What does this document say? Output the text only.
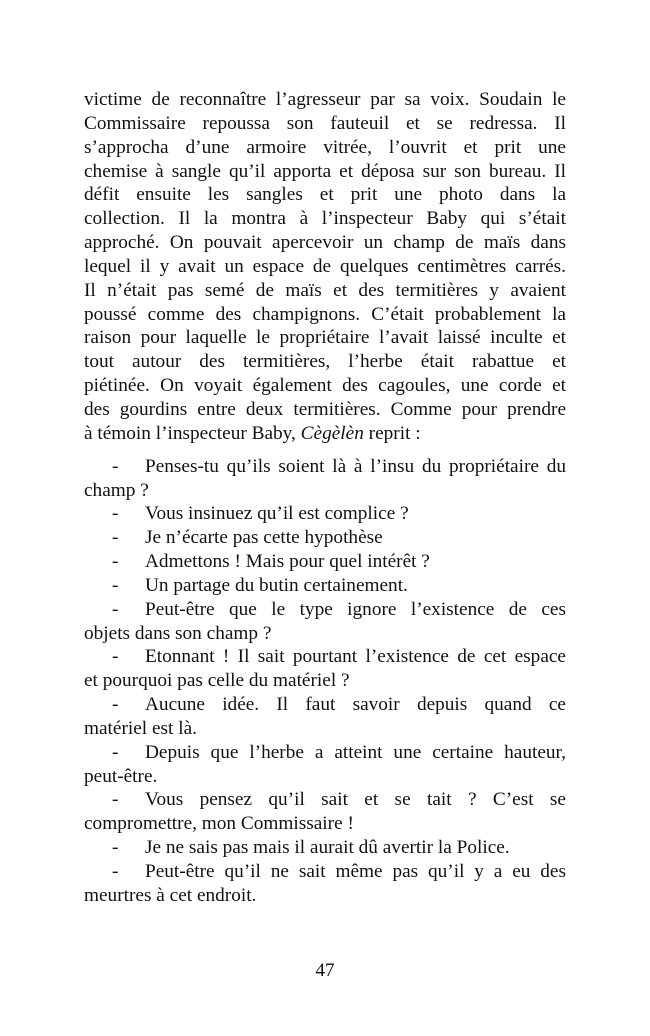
victime de reconnaître l’agresseur par sa voix. Soudain le
Commissaire repoussa son fauteuil et se redressa. Il
s’approcha d’une armoire vitrée, l’ouvrit et prit une
chemise à sangle qu’il apporta et déposa sur son bureau. Il
défit ensuite les sangles et prit une photo dans la
collection. Il la montra à l’inspecteur Baby qui s’était
approché. On pouvait apercevoir un champ de maïs dans
lequel il y avait un espace de quelques centimètres carrés.
Il n’était pas semé de maïs et des termitières y avaient
poussé comme des champignons. C’était probablement la
raison pour laquelle le propriétaire l’avait laissé inculte et
tout autour des termitières, l’herbe était rabattue et
piétinée. On voyait également des cagoules, une corde et
des gourdins entre deux termitières. Comme pour prendre
à témoin l’inspecteur Baby, Cègèlèn reprit :
-	Penses-tu qu’ils soient là à l’insu du propriétaire du
champ ?
- Vous insinuez qu’il est complice ?
- Je n’écarte pas cette hypothèse
- Admettons ! Mais pour quel intérêt ?
- Un partage du butin certainement.
-	Peut-être que le type ignore l’existence de ces
objets dans son champ ?
-	Etonnant ! Il sait pourtant l’existence de cet espace
et pourquoi pas celle du matériel ?
-	Aucune idée. Il faut savoir depuis quand ce
matériel est là.
-	Depuis que l’herbe a atteint une certaine hauteur,
peut-être.
-	Vous pensez qu’il sait et se tait ? C’est se
compromettre, mon Commissaire !
- Je ne sais pas mais il aurait dû avertir la Police.
-	Peut-être qu’il ne sait même pas qu’il y a eu des
meurtres à cet endroit.
47
